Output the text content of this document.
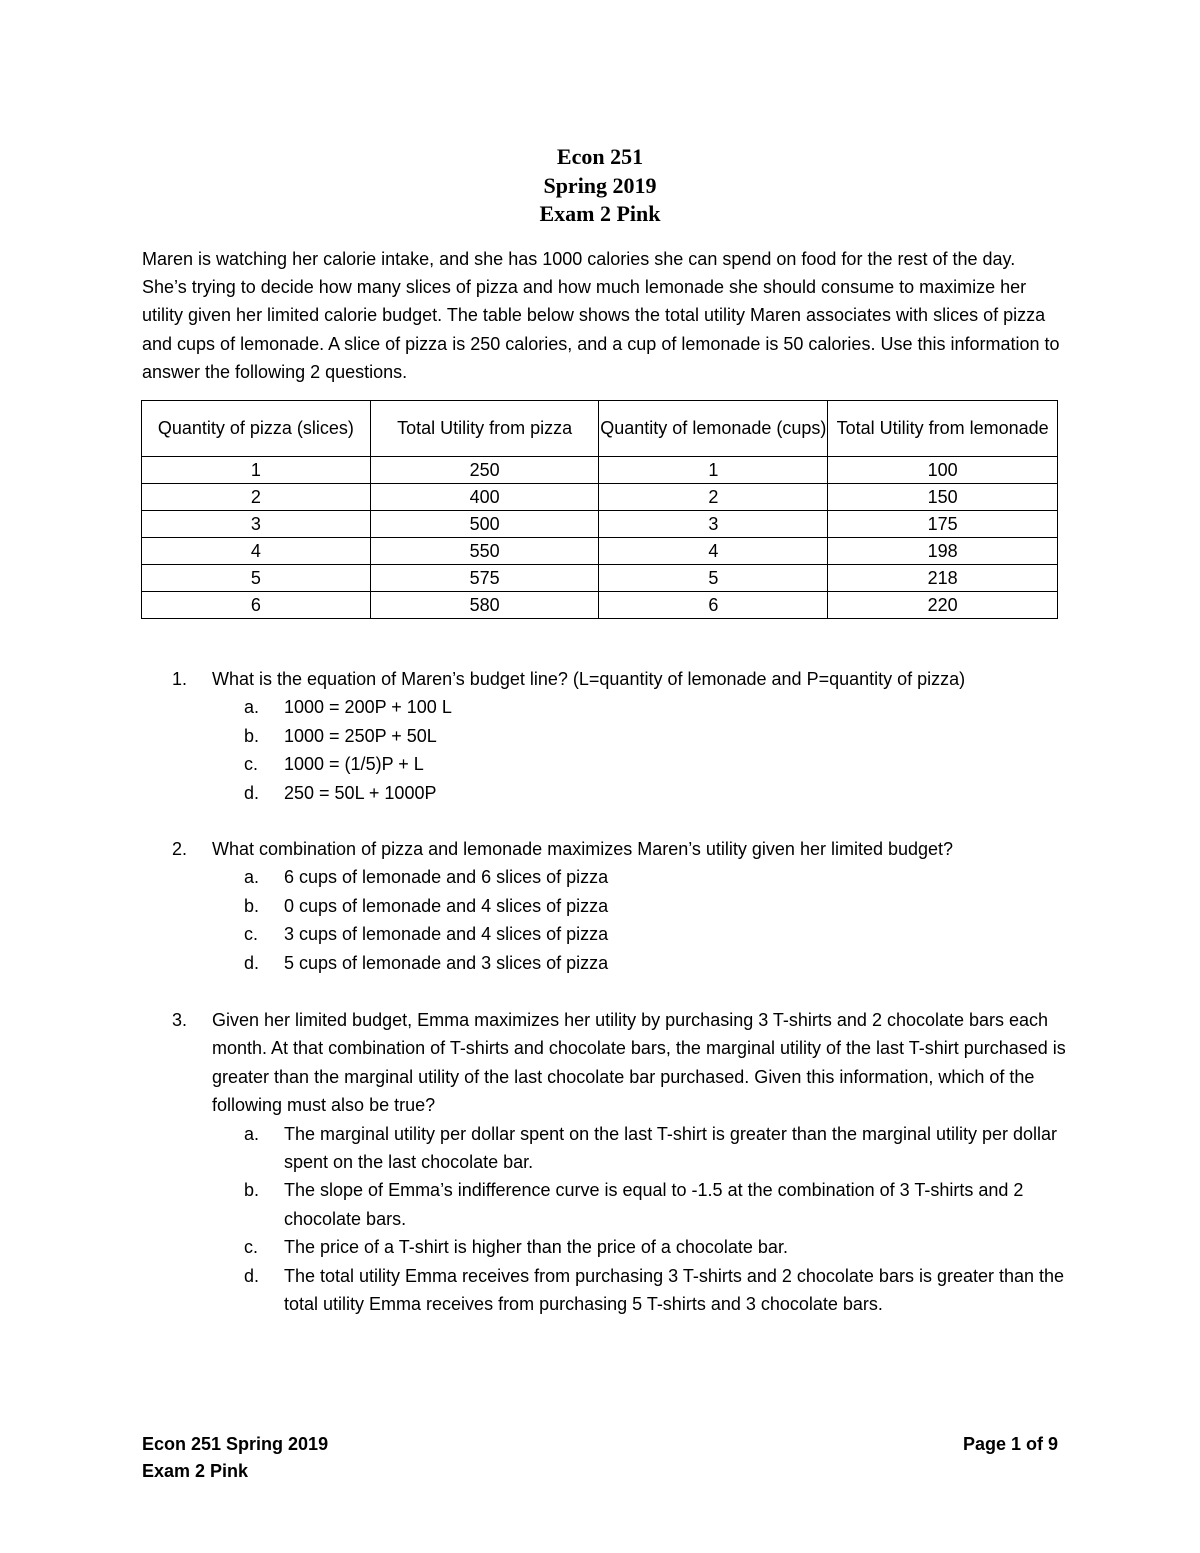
Econ 251
Spring 2019
Exam 2 Pink
Maren is watching her calorie intake, and she has 1000 calories she can spend on food for the rest of the day. She’s trying to decide how many slices of pizza and how much lemonade she should consume to maximize her utility given her limited calorie budget. The table below shows the total utility Maren associates with slices of pizza and cups of lemonade. A slice of pizza is 250 calories, and a cup of lemonade is 50 calories. Use this information to answer the following 2 questions.
Quantity of pizza (slices)	Total Utility from pizza	Quantity of lemonade (cups)	Total Utility from lemonade
1	250	1	100
2	400	2	150
3	500	3	175
4	550	4	198
5	575	5	218
6	580	6	220
1. What is the equation of Maren’s budget line? (L=quantity of lemonade and P=quantity of pizza)
a. 1000 = 200P + 100 L
b. 1000 = 250P + 50L
c. 1000 = (1/5)P + L
d. 250 = 50L + 1000P
2. What combination of pizza and lemonade maximizes Maren’s utility given her limited budget?
a. 6 cups of lemonade and 6 slices of pizza
b. 0 cups of lemonade and 4 slices of pizza
c. 3 cups of lemonade and 4 slices of pizza
d. 5 cups of lemonade and 3 slices of pizza
3. Given her limited budget, Emma maximizes her utility by purchasing 3 T-shirts and 2 chocolate bars each month. At that combination of T-shirts and chocolate bars, the marginal utility of the last T-shirt purchased is greater than the marginal utility of the last chocolate bar purchased. Given this information, which of the following must also be true?
a. The marginal utility per dollar spent on the last T-shirt is greater than the marginal utility per dollar spent on the last chocolate bar.
b. The slope of Emma’s indifference curve is equal to -1.5 at the combination of 3 T-shirts and 2 chocolate bars.
c. The price of a T-shirt is higher than the price of a chocolate bar.
d. The total utility Emma receives from purchasing 3 T-shirts and 2 chocolate bars is greater than the total utility Emma receives from purchasing 5 T-shirts and 3 chocolate bars.
Econ 251 Spring 2019
Exam 2 Pink
Page 1 of 9
